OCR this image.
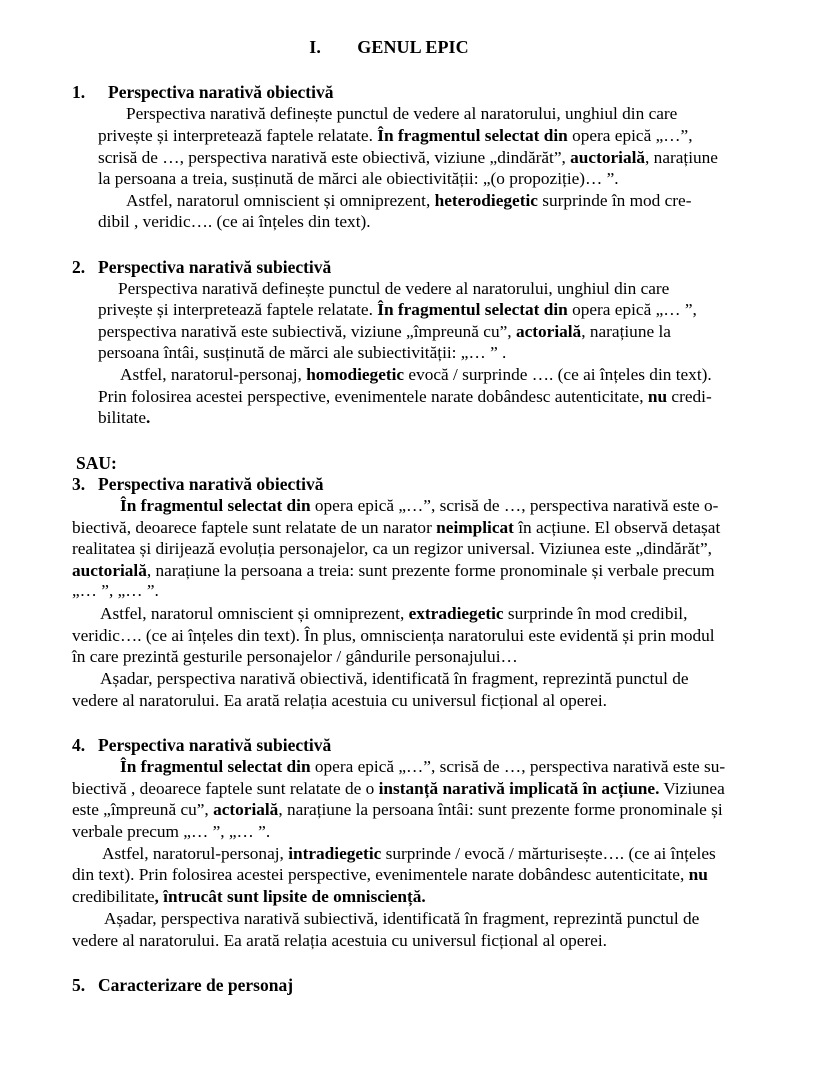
I. GENUL EPIC
1. Perspectiva narativă obiectivă
Perspectiva narativă definește punctul de vedere al naratorului, unghiul din care
privește și interpretează faptele relatate. În fragmentul selectat din opera epică „…”,
scrisă de …, perspectiva narativă este obiectivă, viziune „dindărăt”, auctorială, narațiune
la persoana a treia, susținută de mărci ale obiectivității: „(o propoziție)… ”.
Astfel, naratorul omniscient și omniprezent, heterodiegetic surprinde în mod cre-
dibil , veridic…. (ce ai înțeles din text).
2. Perspectiva narativă subiectivă
Perspectiva narativă definește punctul de vedere al naratorului, unghiul din care
privește și interpretează faptele relatate. În fragmentul selectat din opera epică „… ”,
perspectiva narativă este subiectivă, viziune „împreună cu”, actorială, narațiune la
persoana întâi, susținută de mărci ale subiectivității: „… ” .
Astfel, naratorul-personaj, homodiegetic evocă / surprinde …. (ce ai înțeles din text).
Prin folosirea acestei perspective, evenimentele narate dobândesc autenticitate, nu credi-
bilitate.
SAU:
3. Perspectiva narativă obiectivă
În fragmentul selectat din opera epică „…”, scrisă de …, perspectiva narativă este o-
biectivă, deoarece faptele sunt relatate de un narator neimplicat în acțiune. El observă detașat
realitatea și dirijează evoluția personajelor, ca un regizor universal. Viziunea este „dindărăt”,
auctorială, narațiune la persoana a treia: sunt prezente forme pronominale și verbale precum
„… ”, „… ”.
Astfel, naratorul omniscient și omniprezent, extradiegetic surprinde în mod credibil,
veridic…. (ce ai înțeles din text). În plus, omnisciența naratorului este evidentă și prin modul
în care prezintă gesturile personajelor / gândurile personajului…
Așadar, perspectiva narativă obiectivă, identificată în fragment, reprezintă punctul de
vedere al naratorului. Ea arată relația acestuia cu universul ficțional al operei.
4. Perspectiva narativă subiectivă
În fragmentul selectat din opera epică „…”, scrisă de …, perspectiva narativă este su-
biectivă , deoarece faptele sunt relatate de o instanță narativă implicată în acțiune. Viziunea
este „împreună cu”, actorială, narațiune la persoana întâi: sunt prezente forme pronominale și
verbale precum „… ”, „… ”.
Astfel, naratorul-personaj, intradiegetic surprinde / evocă / mărturisește…. (ce ai înțeles
din text). Prin folosirea acestei perspective, evenimentele narate dobândesc autenticitate, nu
credibilitate, întrucât sunt lipsite de omnisciență.
Așadar, perspectiva narativă subiectivă, identificată în fragment, reprezintă punctul de
vedere al naratorului. Ea arată relația acestuia cu universul ficțional al operei.
5. Caracterizare de personaj
